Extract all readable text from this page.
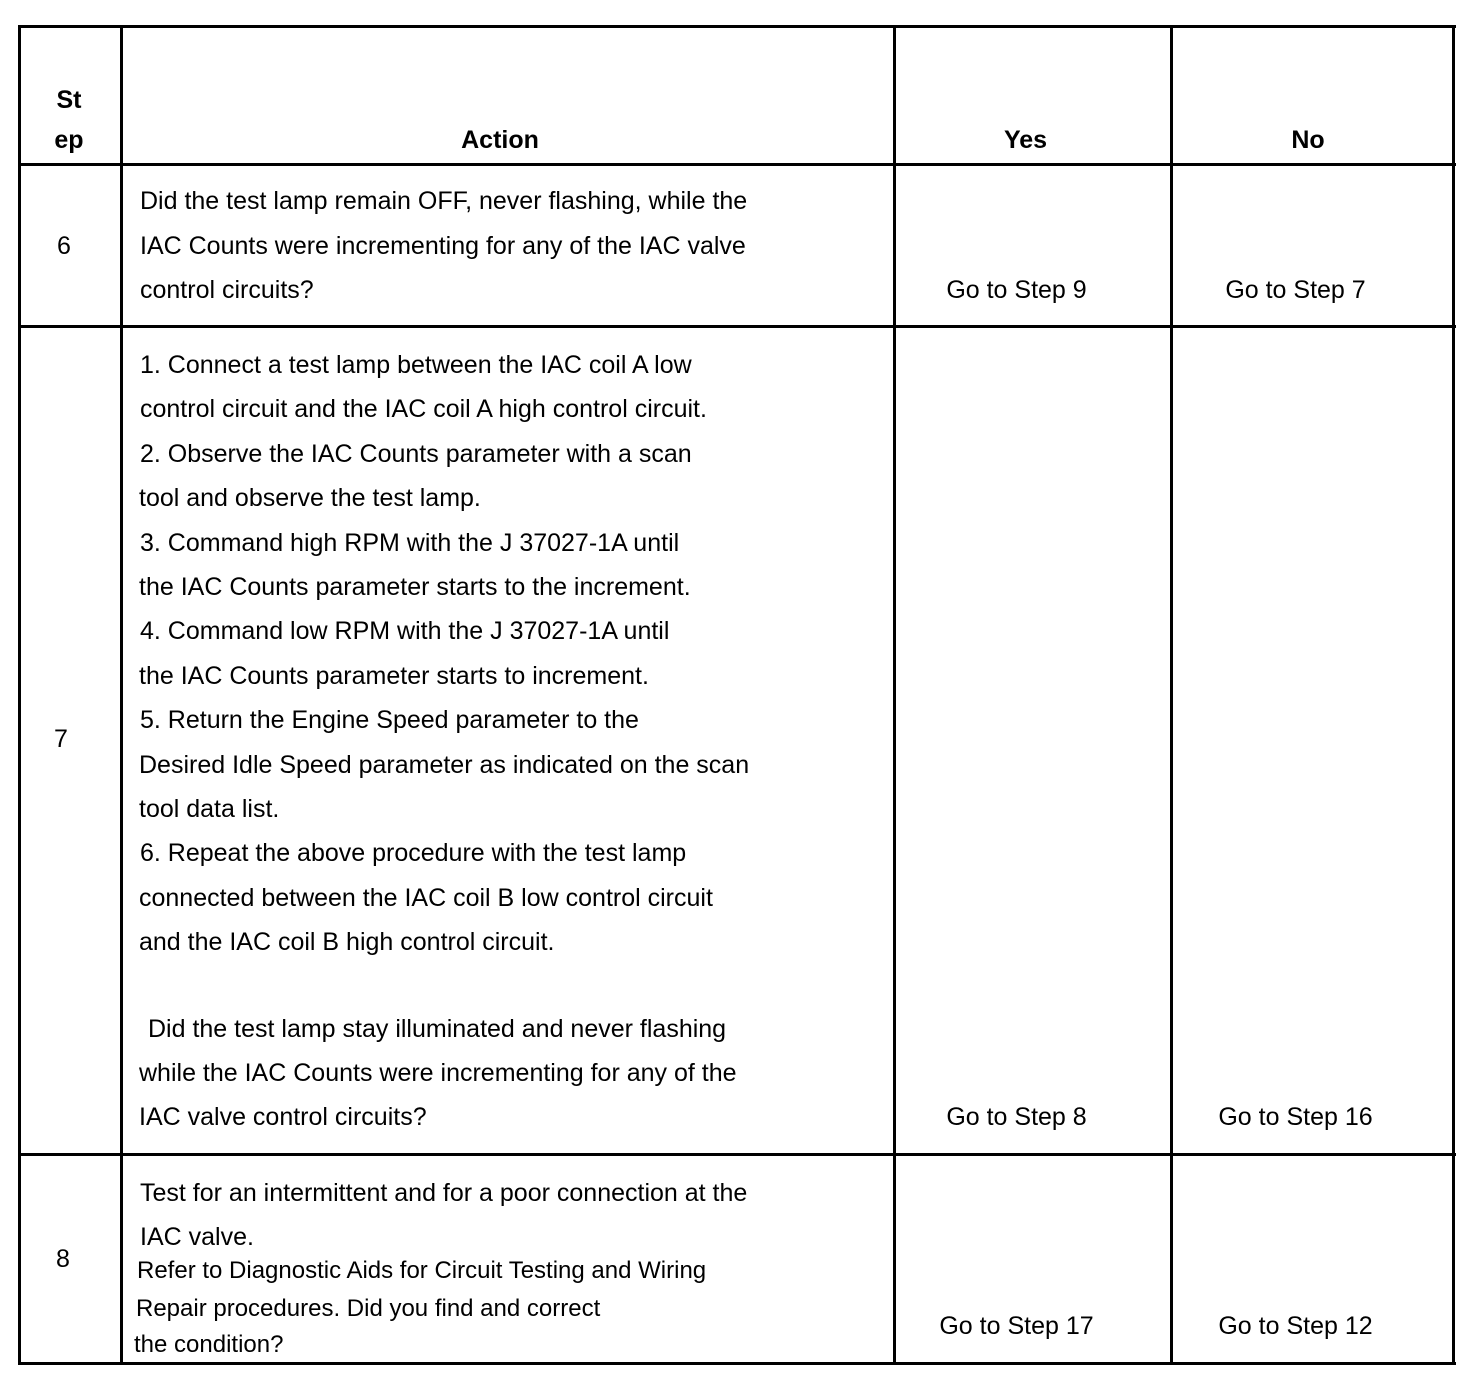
St
ep	Action	Yes	No
6
Did the test lamp remain OFF, never flashing, while the
IAC Counts were incrementing for any of the IAC valve
control circuits?	Go to Step 9	Go to Step 7
7
1. Connect a test lamp between the IAC coil A low
control circuit and the IAC coil A high control circuit.
2. Observe the IAC Counts parameter with a scan
tool and observe the test lamp.
3. Command high RPM with the J 37027-1A until
the IAC Counts parameter starts to the increment.
4. Command low RPM with the J 37027-1A until
the IAC Counts parameter starts to increment.
5. Return the Engine Speed parameter to the
Desired Idle Speed parameter as indicated on the scan
tool data list.
6. Repeat the above procedure with the test lamp
connected between the IAC coil B low control circuit
and the IAC coil B high control circuit.
Did the test lamp stay illuminated and never flashing
while the IAC Counts were incrementing for any of the
IAC valve control circuits?	Go to Step 8	Go to Step 16
8
Test for an intermittent and for a poor connection at the
IAC valve.
Refer to Diagnostic Aids for Circuit Testing and Wiring
Repair procedures. Did you find and correct
the condition?
Go to Step 17	Go to Step 12
